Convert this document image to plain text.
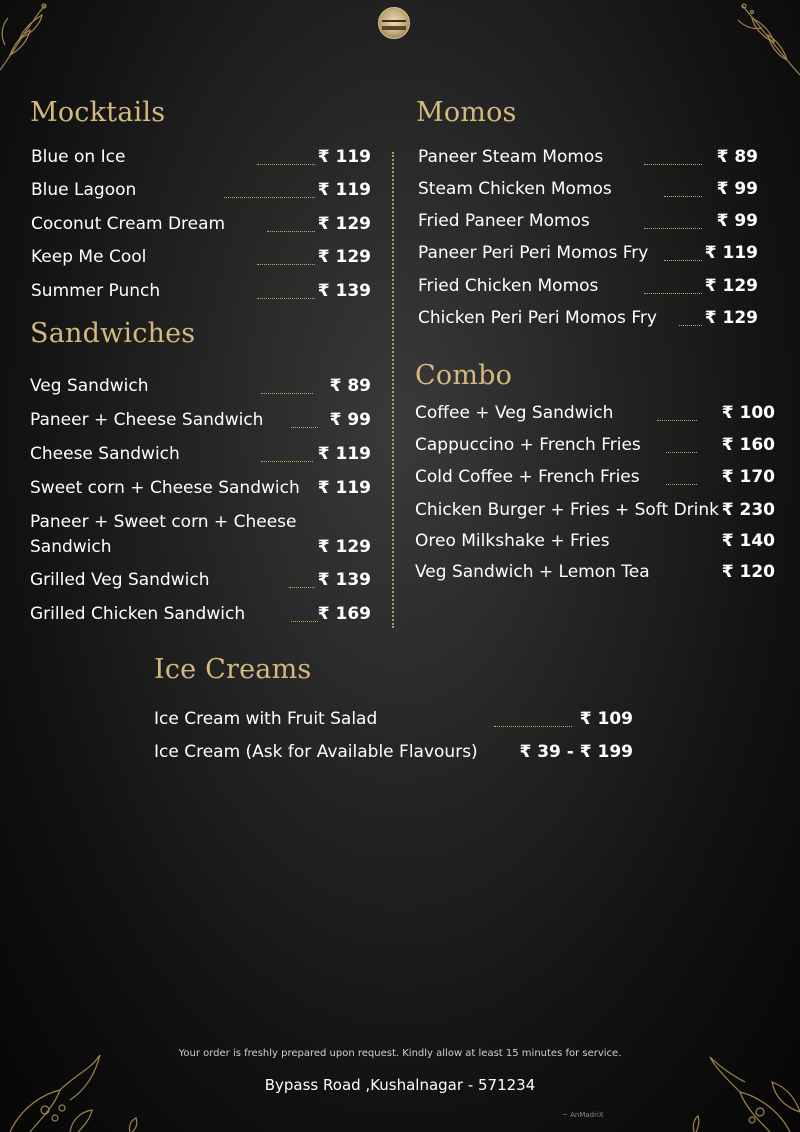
Mocktails
Blue on Ice	₹ 119
Blue Lagoon	₹ 119
Coconut Cream Dream	₹ 129
Keep Me Cool	₹ 129
Summer Punch	₹ 139
Sandwiches
Veg Sandwich	₹ 89
Paneer + Cheese Sandwich	₹ 99
Cheese Sandwich	₹ 119
Sweet corn + Cheese Sandwich ₹ 119
Paneer + Sweet corn + Cheese
Sandwich	₹ 129
Grilled Veg Sandwich	₹ 139
Grilled Chicken Sandwich	₹ 169
Momos
Paneer Steam Momos	₹ 89
Steam Chicken Momos	₹ 99
Fried Paneer Momos	₹ 99
Paneer Peri Peri Momos Fry	₹ 119
Fried Chicken Momos	₹ 129
Chicken Peri Peri Momos Fry	₹ 129
Combo
Coffee + Veg Sandwich	₹ 100
Cappuccino + French Fries	₹ 160
Cold Coffee + French Fries	₹ 170
Chicken Burger + Fries + Soft Drink ₹ 230
Oreo Milkshake + Fries	₹ 140
Veg Sandwich + Lemon Tea	₹ 120
Ice Creams
Ice Cream with Fruit Salad	₹ 109
Ice Cream (Ask for Available Flavours) ₹ 39 - ₹ 199
Your order is freshly prepared upon request. Kindly allow at least 15 minutes for service.
Bypass Road ,Kushalnagar - 571234
~ AnMadriX
